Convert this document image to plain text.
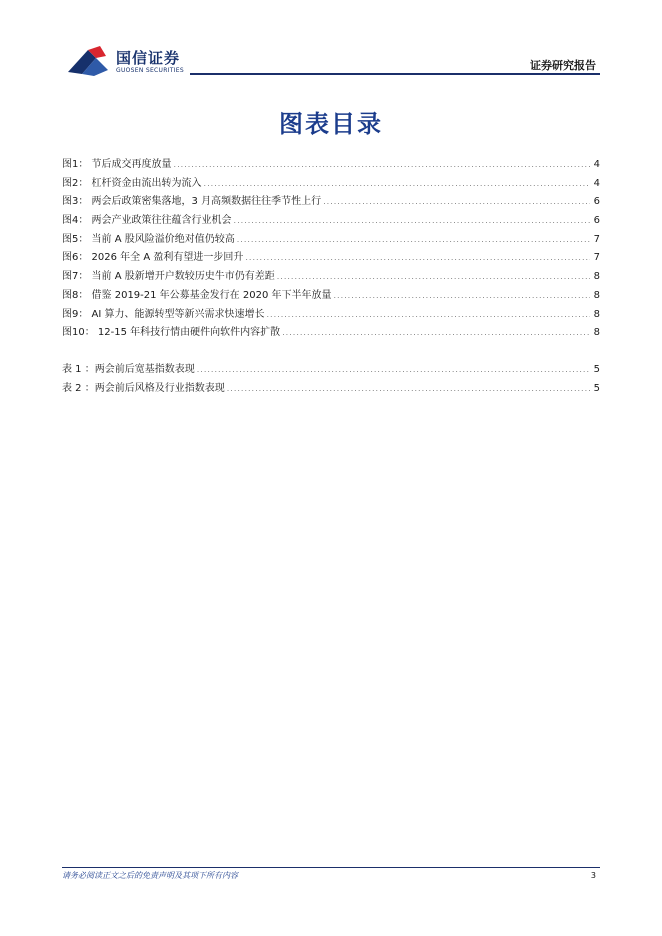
国信证券
GUOSEN SECURITIES	证券研究报告
图表目录
图1： 节后成交再度放量 .....	4
图2： 杠杆资金由流出转为流入 .....	4
图3： 两会后政策密集落地，3 月高频数据往往季节性上行 .....	6
图4： 两会产业政策往往蕴含行业机会 .....	6
图5： 当前 A 股风险溢价绝对值仍较高 .....	7
图6： 2026 年全 A 盈利有望进一步回升 .....	7
图7： 当前 A 股新增开户数较历史牛市仍有差距 .....	8
图8： 借鉴 2019-21 年公募基金发行在 2020 年下半年放量 .....	8
图9： AI 算力、能源转型等新兴需求快速增长 .....	8
图10： 12-15 年科技行情由硬件向软件内容扩散 .....	8
表 1 ：两会前后宽基指数表现 .....	5
表 2 ：两会前后风格及行业指数表现 .....	5
请务必阅读正文之后的免责声明及其项下所有内容	3
